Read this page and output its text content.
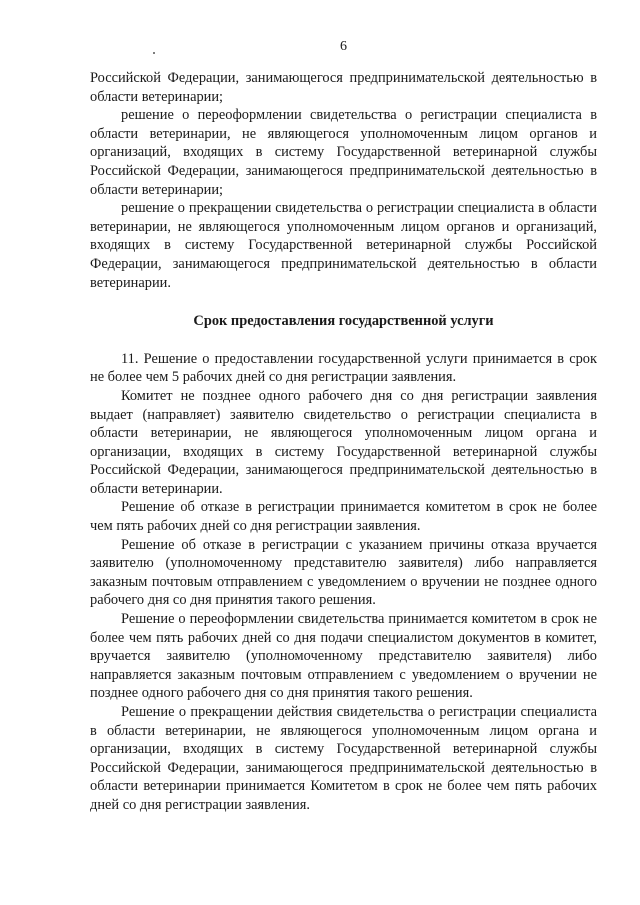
6

Российской Федерации, занимающегося предпринимательской деятельностью в области ветеринарии;

решение о переоформлении свидетельства о регистрации специалиста в области ветеринарии, не являющегося уполномоченным лицом органов и организаций, входящих в систему Государственной ветеринарной службы Российской Федерации, занимающегося предпринимательской деятельностью в области ветеринарии;

решение о прекращении свидетельства о регистрации специалиста в области ветеринарии, не являющегося уполномоченным лицом органов и организаций, входящих в систему Государственной ветеринарной службы Российской Федерации, занимающегося предпринимательской деятельностью в области ветеринарии.

Срок предоставления государственной услуги

11. Решение о предоставлении государственной услуги принимается в срок не более чем 5 рабочих дней со дня регистрации заявления.

Комитет не позднее одного рабочего дня со дня регистрации заявления выдает (направляет) заявителю свидетельство о регистрации специалиста в области ветеринарии, не являющегося уполномоченным лицом органа и организации, входящих в систему Государственной ветеринарной службы Российской Федерации, занимающегося предпринимательской деятельностью в области ветеринарии.

Решение об отказе в регистрации принимается комитетом в срок не более чем пять рабочих дней со дня регистрации заявления.

Решение об отказе в регистрации с указанием причины отказа вручается заявителю (уполномоченному представителю заявителя) либо направляется заказным почтовым отправлением с уведомлением о вручении не позднее одного рабочего дня со дня принятия такого решения.

Решение о переоформлении свидетельства принимается комитетом в срок не более чем пять рабочих дней со дня подачи специалистом документов в комитет, вручается заявителю (уполномоченному представителю заявителя) либо направляется заказным почтовым отправлением с уведомлением о вручении не позднее одного рабочего дня со дня принятия такого решения.

Решение о прекращении действия свидетельства о регистрации специалиста в области ветеринарии, не являющегося уполномоченным лицом органа и организации, входящих в систему Государственной ветеринарной службы Российской Федерации, занимающегося предпринимательской деятельностью в области ветеринарии принимается Комитетом в срок не более чем пять рабочих дней со дня регистрации заявления.
